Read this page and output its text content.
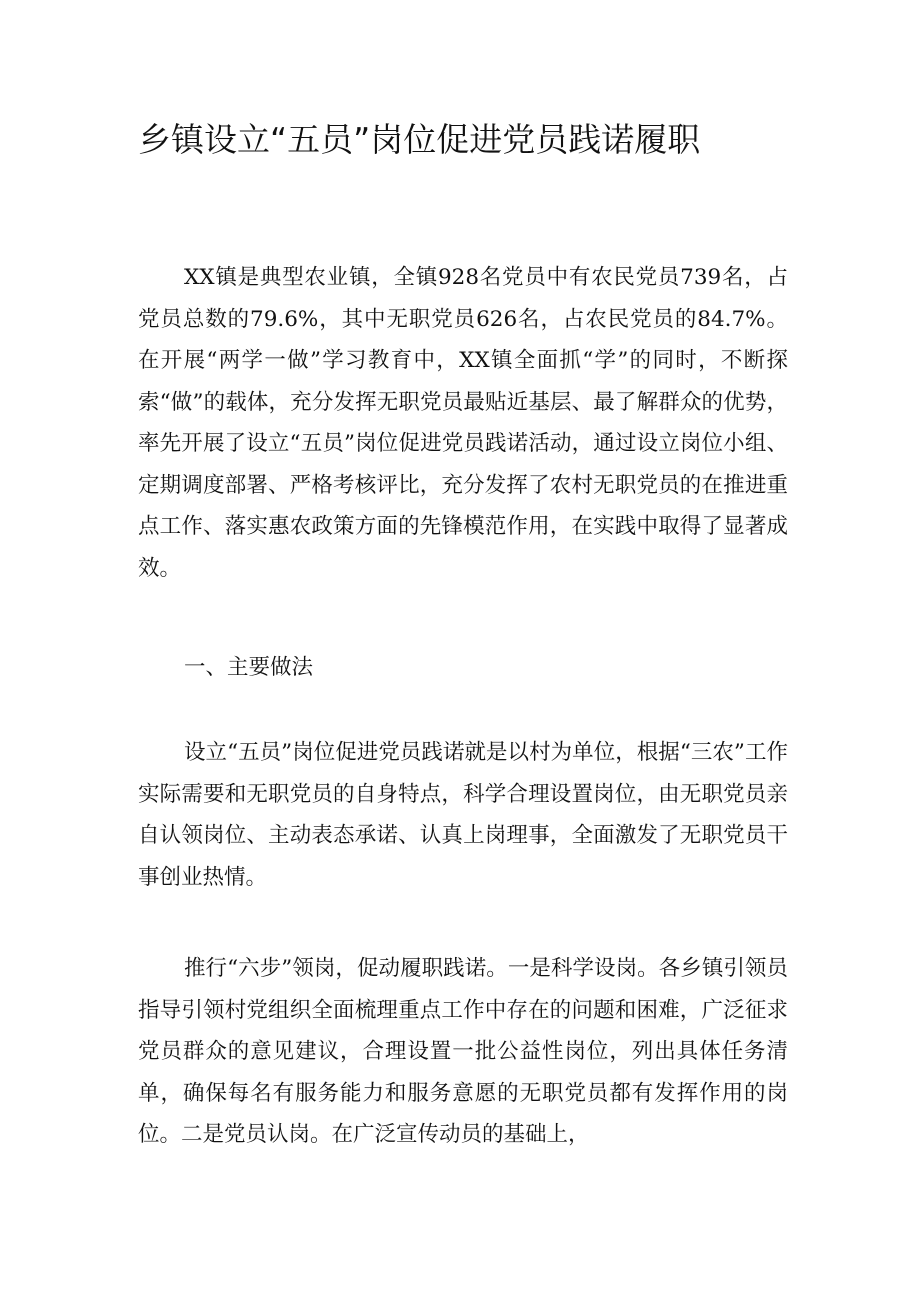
乡镇设立“五员”岗位促进党员践诺履职

XX镇是典型农业镇，全镇928名党员中有农民党员739名，占党员总数的79.6%，其中无职党员626名，占农民党员的84.7%。在开展“两学一做”学习教育中，XX镇全面抓“学”的同时，不断探索“做”的载体，充分发挥无职党员最贴近基层、最了解群众的优势，率先开展了设立“五员”岗位促进党员践诺活动，通过设立岗位小组、定期调度部署、严格考核评比，充分发挥了农村无职党员的在推进重点工作、落实惠农政策方面的先锋模范作用，在实践中取得了显著成效。

一、主要做法

设立“五员”岗位促进党员践诺就是以村为单位，根据“三农”工作实际需要和无职党员的自身特点，科学合理设置岗位，由无职党员亲自认领岗位、主动表态承诺、认真上岗理事，全面激发了无职党员干事创业热情。

推行“六步”领岗，促动履职践诺。一是科学设岗。各乡镇引领员指导引领村党组织全面梳理重点工作中存在的问题和困难，广泛征求党员群众的意见建议，合理设置一批公益性岗位，列出具体任务清单，确保每名有服务能力和服务意愿的无职党员都有发挥作用的岗位。二是党员认岗。在广泛宣传动员的基础上，
